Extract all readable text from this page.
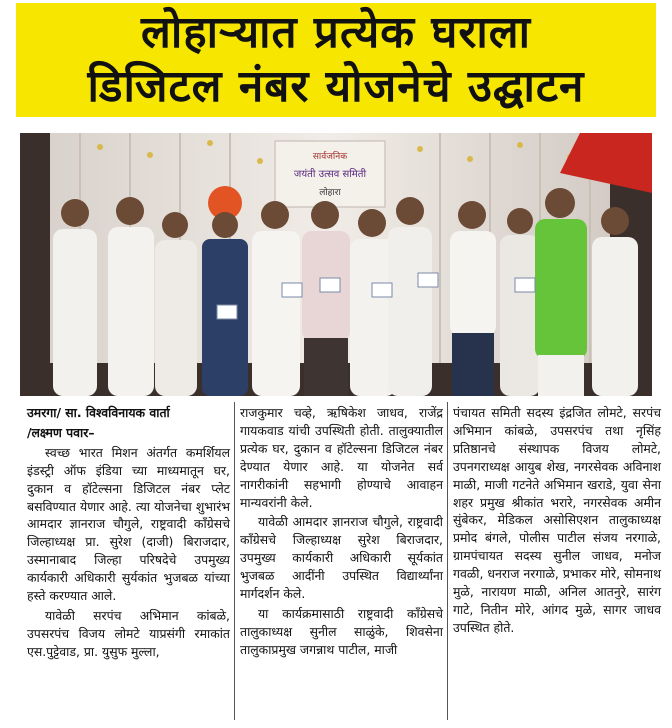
लोहाऱ्यात प्रत्येक घराला
डिजिटल नंबर योजनेचे उद्घाटन
सार्वजनिक
जयंती उत्सव समिती
लोहारा

उमरगा/ सा. विश्वविनायक वार्ता

/लक्ष्मण पवार–

स्वच्छ भारत मिशन अंतर्गत कमर्शियल इंडस्ट्री ऑफ इंडिया च्या माध्यमातून घर, दुकान व हॉटेल्सना डिजिटल नंबर प्लेट बसविण्यात येणार आहे. त्या योजनेचा शुभारंभ आमदार ज्ञानराज चौगुले, राष्ट्रवादी काँग्रेसचे जिल्हाध्यक्ष प्रा. सुरेश (दाजी) बिराजदार, उस्मानाबाद जिल्हा परिषदेचे उपमुख्य कार्यकारी अधिकारी सुर्यकांत भुजबळ यांच्या हस्ते करण्यात आले.

यावेळी सरपंच अभिमान कांबळे, उपसरपंच विजय लोमटे याप्रसंगी रमाकांत एस.पुट्टेवाड, प्रा. युसुफ मुल्ला,

राजकुमार चव्हे, ऋषिकेश जाधव, राजेंद्र गायकवाड यांची उपस्थिती होती. तालुक्यातील प्रत्येक घर, दुकान व हॉटेल्सना डिजिटल नंबर देण्यात येणार आहे. या योजनेत सर्व नागरीकांनी सहभागी होण्याचे आवाहन मान्यवरांनी केले.

यावेळी आमदार ज्ञानराज चौगुले, राष्ट्रवादी काँग्रेसचे जिल्हाध्यक्ष सुरेश बिराजदार, उपमुख्य कार्यकारी अधिकारी सूर्यकांत भुजबळ आदींनी उपस्थित विद्यार्थ्यांना मार्गदर्शन केले.

या कार्यक्रमासाठी राष्ट्रवादी काँग्रेसचे तालुकाध्यक्ष सुनील साळुंके, शिवसेना तालुकाप्रमुख जगन्नाथ पाटील, माजी

पंचायत समिती सदस्य इंद्रजित लोमटे, सरपंच अभिमान कांबळे, उपसरपंच तथा नृसिंह प्रतिष्ठानचे संस्थापक विजय लोमटे, उपनगराध्यक्ष आयुब शेख, नगरसेवक अविनाश माळी, माजी गटनेते अभिमान खराडे, युवा सेना शहर प्रमुख श्रीकांत भरारे, नगरसेवक अमीन सुंबेकर, मेडिकल असोसिएशन तालुकाध्यक्ष प्रमोद बंगले, पोलीस पाटील संजय नरगाळे, ग्रामपंचायत सदस्य सुनील जाधव, मनोज गवळी, धनराज नरगाळे, प्रभाकर मोरे, सोमनाथ मुळे, नारायण माळी, अनिल आतनुरे, सारंग गाटे, नितीन मोरे, आंगद मुळे, सागर जाधव उपस्थित होते.
